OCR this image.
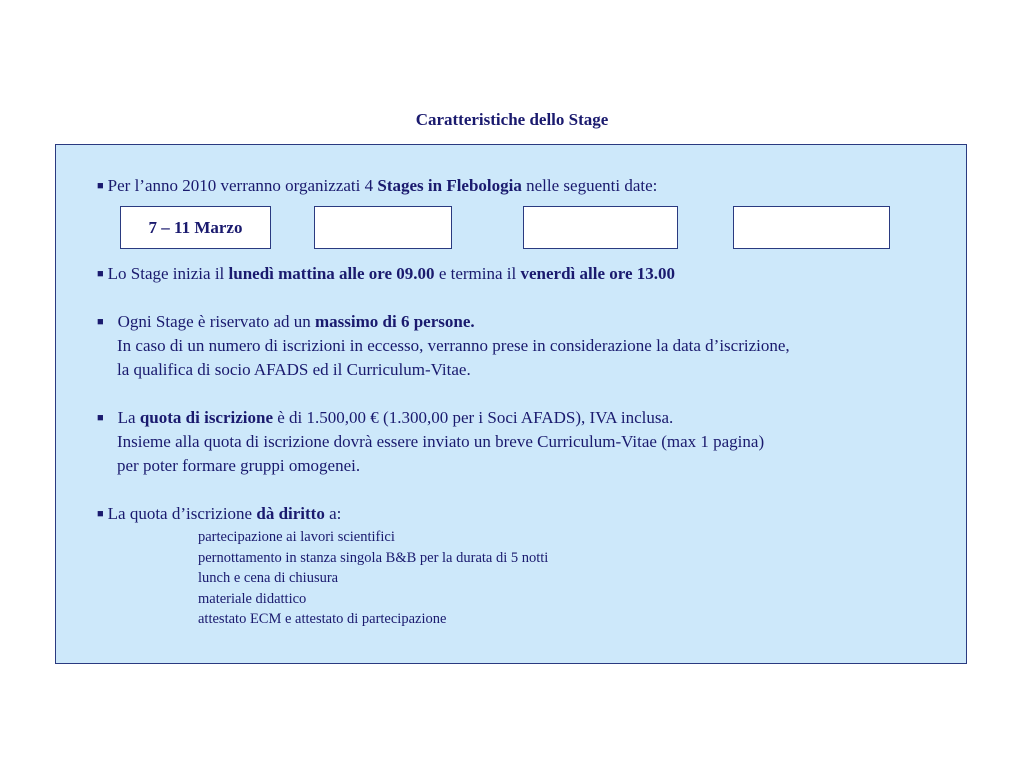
Caratteristiche dello Stage
■ Per l’anno 2010 verranno organizzati 4 Stages in Flebologia nelle seguenti date:
7 – 11 Marzo
■ Lo Stage inizia il lunedì mattina alle ore 09.00 e termina il venerdì alle ore 13.00
■ Ogni Stage è riservato ad un massimo di 6 persone.
In caso di un numero di iscrizioni in eccesso, verranno prese in considerazione la data d’iscrizione,
la qualifica di socio AFADS ed il Curriculum-Vitae.
■ La quota di iscrizione è di 1.500,00 € (1.300,00 per i Soci AFADS), IVA inclusa.
Insieme alla quota di iscrizione dovrà essere inviato un breve Curriculum-Vitae (max 1 pagina)
per poter formare gruppi omogenei.
■ La quota d’iscrizione dà diritto a:
partecipazione ai lavori scientifici
pernottamento in stanza singola B&B per la durata di 5 notti
lunch e cena di chiusura
materiale didattico
attestato ECM e attestato di partecipazione
